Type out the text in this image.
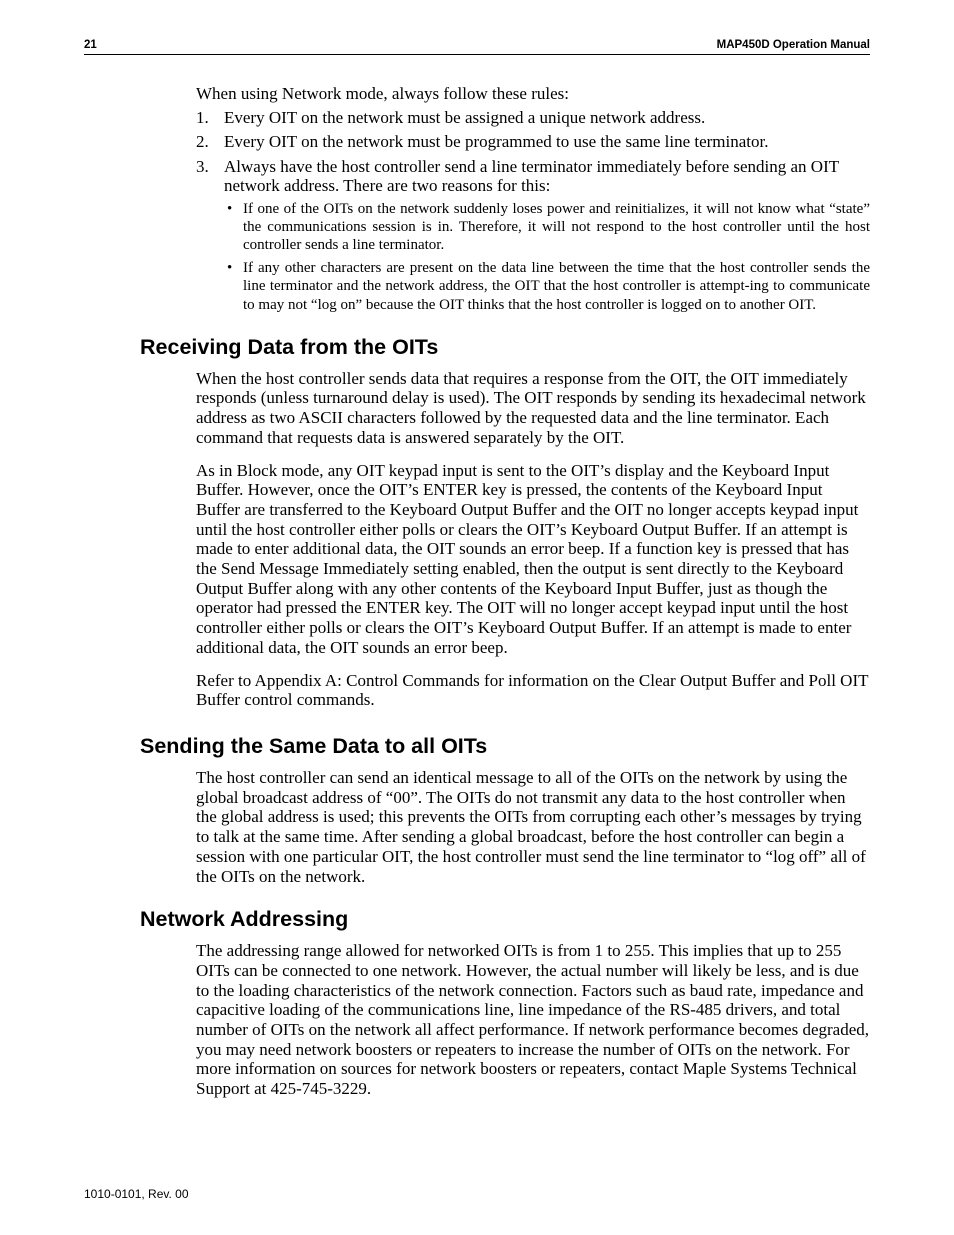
21	MAP450D Operation Manual

When using Network mode, always follow these rules:

1. Every OIT on the network must be assigned a unique network address.
2. Every OIT on the network must be programmed to use the same line terminator.
3. Always have the host controller send a line terminator immediately before sending an OIT network address. There are two reasons for this:
• If one of the OITs on the network suddenly loses power and reinitializes, it will not know what “state” the communications session is in. Therefore, it will not respond to the host controller until the host controller sends a line terminator.
• If any other characters are present on the data line between the time that the host controller sends the line terminator and the network address, the OIT that the host controller is attempt-ing to communicate to may not “log on” because the OIT thinks that the host controller is logged on to another OIT.
Receiving Data from the OITs

When the host controller sends data that requires a response from the OIT, the OIT immediately responds (unless turnaround delay is used). The OIT responds by sending its hexadecimal network address as two ASCII characters followed by the requested data and the line terminator. Each command that requests data is answered separately by the OIT.

As in Block mode, any OIT keypad input is sent to the OIT’s display and the Keyboard Input Buffer. However, once the OIT’s ENTER key is pressed, the contents of the Keyboard Input Buffer are transferred to the Keyboard Output Buffer and the OIT no longer accepts keypad input until the host controller either polls or clears the OIT’s Keyboard Output Buffer. If an attempt is made to enter additional data, the OIT sounds an error beep. If a function key is pressed that has the Send Message Immediately setting enabled, then the output is sent directly to the Keyboard Output Buffer along with any other contents of the Keyboard Input Buffer, just as though the operator had pressed the ENTER key. The OIT will no longer accept keypad input until the host controller either polls or clears the OIT’s Keyboard Output Buffer. If an attempt is made to enter additional data, the OIT sounds an error beep.

Refer to Appendix A: Control Commands for information on the Clear Output Buffer and Poll OIT Buffer control commands.

Sending the Same Data to all OITs

The host controller can send an identical message to all of the OITs on the network by using the global broadcast address of “00”. The OITs do not transmit any data to the host controller when the global address is used; this prevents the OITs from corrupting each other’s messages by trying to talk at the same time. After sending a global broadcast, before the host controller can begin a session with one particular OIT, the host controller must send the line terminator to “log off” all of the OITs on the network.

Network Addressing

The addressing range allowed for networked OITs is from 1 to 255. This implies that up to 255 OITs can be connected to one network. However, the actual number will likely be less, and is due to the loading characteristics of the network connection. Factors such as baud rate, impedance and capacitive loading of the communications line, line impedance of the RS-485 drivers, and total number of OITs on the network all affect performance. If network performance becomes degraded, you may need network boosters or repeaters to increase the number of OITs on the network. For more information on sources for network boosters or repeaters, contact Maple Systems Technical Support at 425-745-3229.

1010-0101, Rev. 00
